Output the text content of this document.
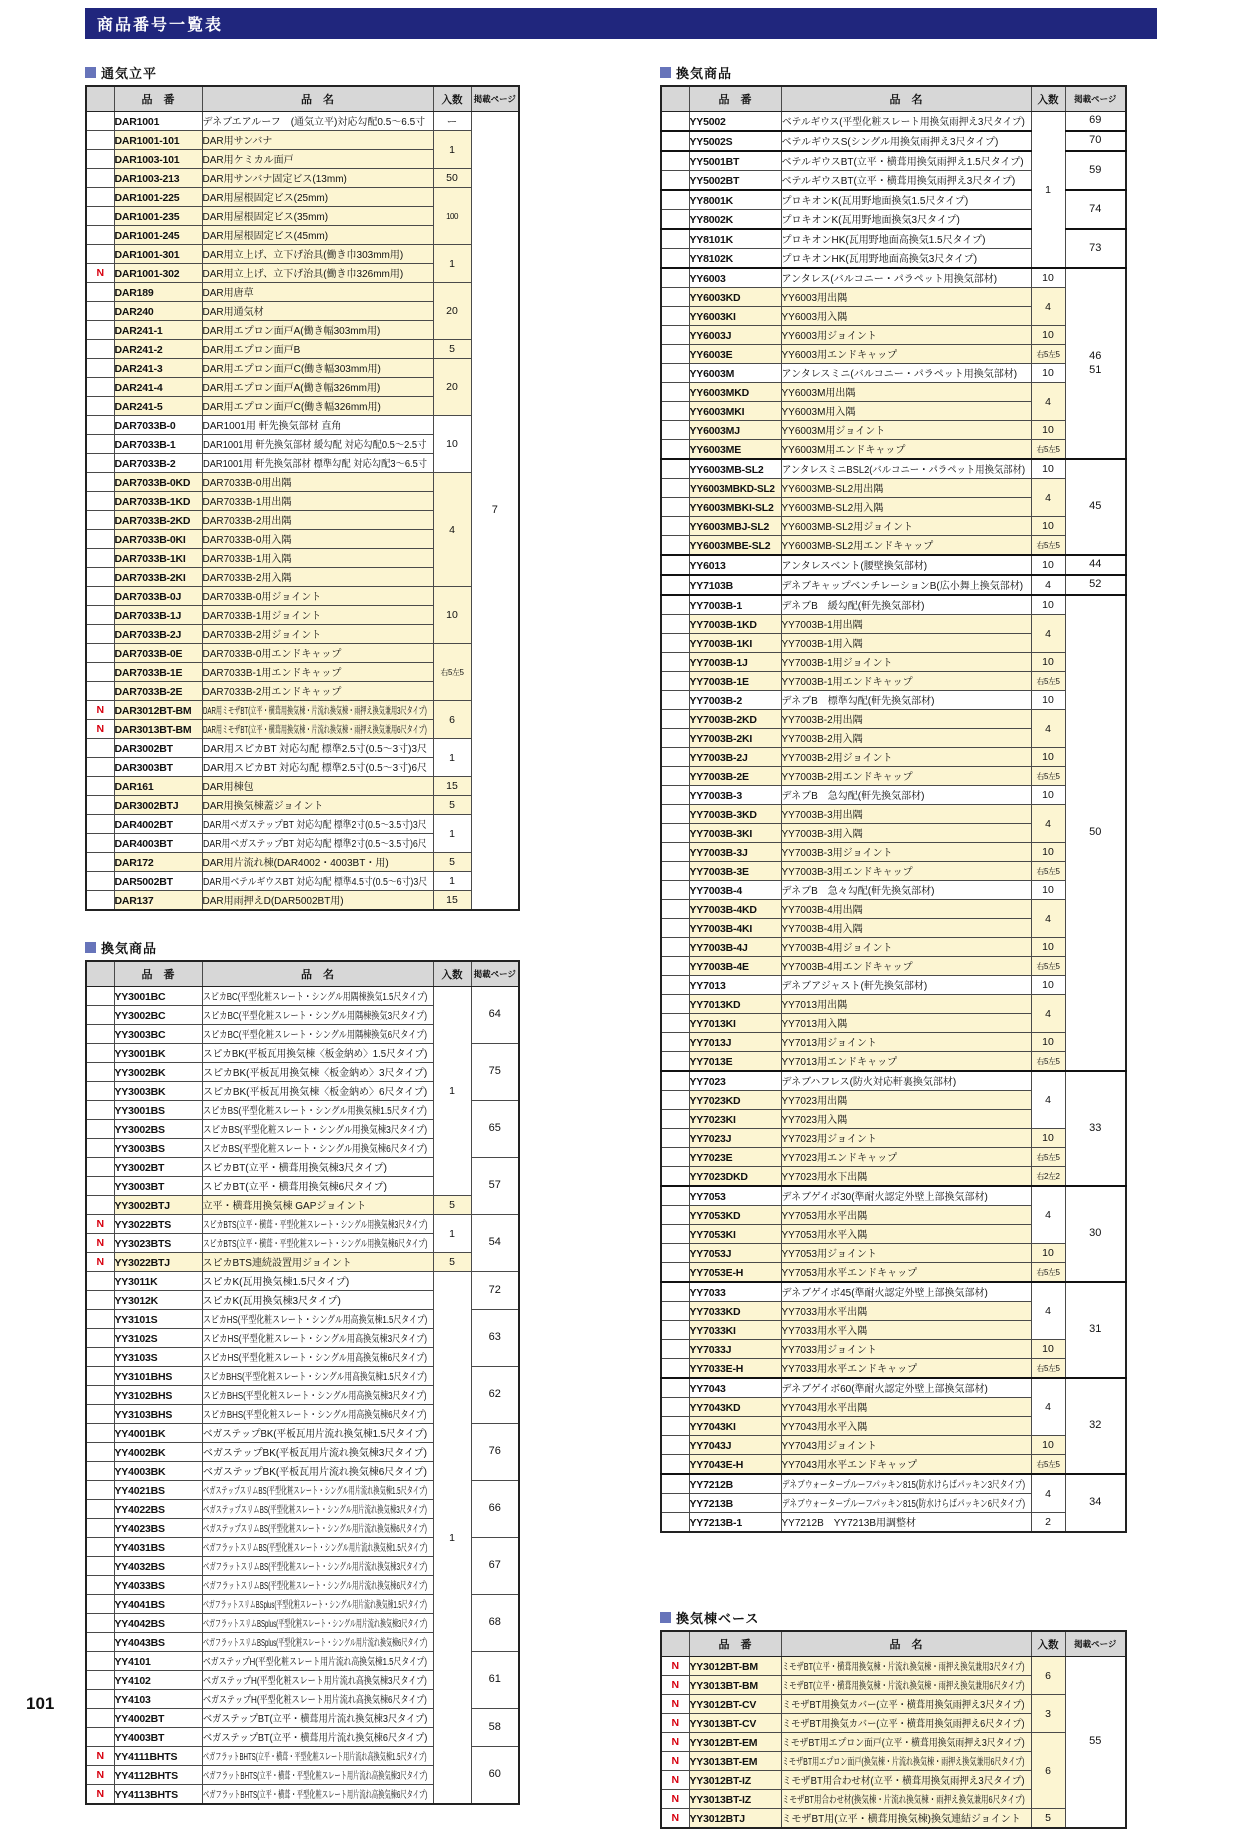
商品番号一覧表
通気立平
	品　番	品　名	入数	掲載ページ
	DAR1001	デネブエアルーフ　(通気立平)対応勾配0.5～6.5寸	ー	7

	DAR1001-101	DAR用サンバナ	1	
	DAR1003-101	DAR用ケミカル面戸		
	DAR1003-213	DAR用サンバナ固定ビス(13mm)	50	
	DAR1001-225	DAR用屋根固定ビス(25mm)	100	
	DAR1001-235	DAR用屋根固定ビス(35mm)		
	DAR1001-245	DAR用屋根固定ビス(45mm)		
	DAR1001-301	DAR用立上げ、立下げ治具(働き巾303mm用)	1	
N	DAR1001-302	DAR用立上げ、立下げ治具(働き巾326mm用)		
	DAR189	DAR用唐草	20	
	DAR240	DAR用通気材		
	DAR241-1	DAR用エプロン面戸A(働き幅303mm用)		
	DAR241-2	DAR用エプロン面戸B	5	
	DAR241-3	DAR用エプロン面戸C(働き幅303mm用)	20	
	DAR241-4	DAR用エプロン面戸A(働き幅326mm用)		
	DAR241-5	DAR用エプロン面戸C(働き幅326mm用)		
	DAR7033B-0	DAR1001用 軒先換気部材 直角	10	
	DAR7033B-1	DAR1001用 軒先換気部材 緩勾配 対応勾配0.5～2.5寸		
	DAR7033B-2	DAR1001用 軒先換気部材 標準勾配 対応勾配3～6.5寸		
	DAR7033B-0KD	DAR7033B-0用出隅	4	
	DAR7033B-1KD	DAR7033B-1用出隅		
	DAR7033B-2KD	DAR7033B-2用出隅		
	DAR7033B-0KI	DAR7033B-0用入隅		
	DAR7033B-1KI	DAR7033B-1用入隅		
	DAR7033B-2KI	DAR7033B-2用入隅		
	DAR7033B-0J	DAR7033B-0用ジョイント	10	
	DAR7033B-1J	DAR7033B-1用ジョイント		
	DAR7033B-2J	DAR7033B-2用ジョイント		
	DAR7033B-0E	DAR7033B-0用エンドキャップ	右5左5	
	DAR7033B-1E	DAR7033B-1用エンドキャップ		
	DAR7033B-2E	DAR7033B-2用エンドキャップ		
N	DAR3012BT-BM	DAR用ミモザBT(立平・横葺用換気棟・片流れ換気棟・雨押え換気兼用3尺タイプ)	6	
N	DAR3013BT-BM	DAR用ミモザBT(立平・横葺用換気棟・片流れ換気棟・雨押え換気兼用6尺タイプ)		
	DAR3002BT	DAR用スピカBT 対応勾配 標準2.5寸(0.5～3寸)3尺	1	
	DAR3003BT	DAR用スピカBT 対応勾配 標準2.5寸(0.5～3寸)6尺		
	DAR161	DAR用棟包	15	
	DAR3002BTJ	DAR用換気棟蓋ジョイント	5	
	DAR4002BT	DAR用ベガステップBT 対応勾配 標準2寸(0.5～3.5寸)3尺	1	
	DAR4003BT	DAR用ベガステップBT 対応勾配 標準2寸(0.5～3.5寸)6尺		
	DAR172	DAR用片流れ棟(DAR4002・4003BT・用)	5	
	DAR5002BT	DAR用ベテルギウスBT 対応勾配 標準4.5寸(0.5～6寸)3尺	1	
	DAR137	DAR用雨押えD(DAR5002BT用)	15	
換気商品
	品　番	品　名	入数	掲載ページ
	YY3001BC	スピカBC(平型化粧スレート・シングル用隅棟換気1.5尺タイプ)	1	64

	YY3002BC	スピカBC(平型化粧スレート・シングル用隅棟換気3尺タイプ)		
	YY3003BC	スピカBC(平型化粧スレート・シングル用隅棟換気6尺タイプ)		
	YY3001BK	スピカBK(平板瓦用換気棟〈板金納め〉1.5尺タイプ)		75

	YY3002BK	スピカBK(平板瓦用換気棟〈板金納め〉3尺タイプ)		
	YY3003BK	スピカBK(平板瓦用換気棟〈板金納め〉6尺タイプ)		
	YY3001BS	スピカBS(平型化粧スレート・シングル用換気棟1.5尺タイプ)		65

	YY3002BS	スピカBS(平型化粧スレート・シングル用換気棟3尺タイプ)		
	YY3003BS	スピカBS(平型化粧スレート・シングル用換気棟6尺タイプ)		
	YY3002BT	スピカBT(立平・横葺用換気棟3尺タイプ)		57

	YY3003BT	スピカBT(立平・横葺用換気棟6尺タイプ)		
	YY3002BTJ	立平・横葺用換気棟 GAPジョイント	5	
N	YY3022BTS	スピカBTS(立平・横葺・平型化粧スレート・シングル用換気棟3尺タイプ)	1	54

N	YY3023BTS	スピカBTS(立平・横葺・平型化粧スレート・シングル用換気棟6尺タイプ)		
N	YY3022BTJ	スピカBTS連続設置用ジョイント	5	
	YY3011K	スピカK(瓦用換気棟1.5尺タイプ)	1	72

	YY3012K	スピカK(瓦用換気棟3尺タイプ)		
	YY3101S	スピカHS(平型化粧スレート・シングル用高換気棟1.5尺タイプ)		63

	YY3102S	スピカHS(平型化粧スレート・シングル用高換気棟3尺タイプ)		
	YY3103S	スピカHS(平型化粧スレート・シングル用高換気棟6尺タイプ)		
	YY3101BHS	スピカBHS(平型化粧スレート・シングル用高換気棟1.5尺タイプ)		62

	YY3102BHS	スピカBHS(平型化粧スレート・シングル用高換気棟3尺タイプ)		
	YY3103BHS	スピカBHS(平型化粧スレート・シングル用高換気棟6尺タイプ)		
	YY4001BK	ベガステップBK(平板瓦用片流れ換気棟1.5尺タイプ)		76

	YY4002BK	ベガステップBK(平板瓦用片流れ換気棟3尺タイプ)		
	YY4003BK	ベガステップBK(平板瓦用片流れ換気棟6尺タイプ)		
	YY4021BS	ベガステップスリムBS(平型化粧スレート・シングル用片流れ換気棟1.5尺タイプ)		66

	YY4022BS	ベガステップスリムBS(平型化粧スレート・シングル用片流れ換気棟3尺タイプ)		
	YY4023BS	ベガステップスリムBS(平型化粧スレート・シングル用片流れ換気棟6尺タイプ)		
	YY4031BS	ベガフラットスリムBS(平型化粧スレート・シングル用片流れ換気棟1.5尺タイプ)		67

	YY4032BS	ベガフラットスリムBS(平型化粧スレート・シングル用片流れ換気棟3尺タイプ)		
	YY4033BS	ベガフラットスリムBS(平型化粧スレート・シングル用片流れ換気棟6尺タイプ)		
	YY4041BS	ベガフラットスリムBSplus(平型化粧スレート・シングル用片流れ換気棟1.5尺タイプ)		68

	YY4042BS	ベガフラットスリムBSplus(平型化粧スレート・シングル用片流れ換気棟3尺タイプ)		
	YY4043BS	ベガフラットスリムBSplus(平型化粧スレート・シングル用片流れ換気棟6尺タイプ)		
	YY4101	ベガステップH(平型化粧スレート用片流れ高換気棟1.5尺タイプ)		61

	YY4102	ベガステップH(平型化粧スレート用片流れ高換気棟3尺タイプ)		
	YY4103	ベガステップH(平型化粧スレート用片流れ高換気棟6尺タイプ)		
	YY4002BT	ベガステップBT(立平・横葺用片流れ換気棟3尺タイプ)		58

	YY4003BT	ベガステップBT(立平・横葺用片流れ換気棟6尺タイプ)		
N	YY4111BHTS	ベガフラットBHTS(立平・横葺・平型化粧スレート用片流れ高換気棟1.5尺タイプ)		60

N	YY4112BHTS	ベガフラットBHTS(立平・横葺・平型化粧スレート用片流れ高換気棟3尺タイプ)		
N	YY4113BHTS	ベガフラットBHTS(立平・横葺・平型化粧スレート用片流れ高換気棟6尺タイプ)		
換気商品
	品　番	品　名	入数	掲載ページ
	YY5002	ベテルギウス(平型化粧スレート用換気雨押え3尺タイプ)	1	69

	YY5002S	ベテルギウスS(シングル用換気雨押え3尺タイプ)		70

	YY5001BT	ベテルギウスBT(立平・横葺用換気雨押え1.5尺タイプ)		59

	YY5002BT	ベテルギウスBT(立平・横葺用換気雨押え3尺タイプ)		
	YY8001K	プロキオンK(瓦用野地面換気1.5尺タイプ)		74

	YY8002K	プロキオンK(瓦用野地面換気3尺タイプ)		
	YY8101K	プロキオンHK(瓦用野地面高換気1.5尺タイプ)		73

	YY8102K	プロキオンHK(瓦用野地面高換気3尺タイプ)		
	YY6003	アンタレス(バルコニー・パラペット用換気部材)	10	46
51

	YY6003KD	YY6003用出隅	4	
	YY6003KI	YY6003用入隅		
	YY6003J	YY6003用ジョイント	10	
	YY6003E	YY6003用エンドキャップ	右5左5	
	YY6003M	アンタレスミニ(バルコニー・パラペット用換気部材)	10	
	YY6003MKD	YY6003M用出隅	4	
	YY6003MKI	YY6003M用入隅		
	YY6003MJ	YY6003M用ジョイント	10	
	YY6003ME	YY6003M用エンドキャップ	右5左5	
	YY6003MB-SL2	アンタレスミニBSL2(バルコニー・パラペット用換気部材)	10	45

	YY6003MBKD-SL2	YY6003MB-SL2用出隅	4	
	YY6003MBKI-SL2	YY6003MB-SL2用入隅		
	YY6003MBJ-SL2	YY6003MB-SL2用ジョイント	10	
	YY6003MBE-SL2	YY6003MB-SL2用エンドキャップ	右5左5	
	YY6013	アンタレスベント(腰壁換気部材)	10	44

	YY7103B	デネブキャップベンチレーションB(広小舞上換気部材)	4	52

	YY7003B-1	デネブB　緩勾配(軒先換気部材)	10	50

	YY7003B-1KD	YY7003B-1用出隅	4	
	YY7003B-1KI	YY7003B-1用入隅		
	YY7003B-1J	YY7003B-1用ジョイント	10	
	YY7003B-1E	YY7003B-1用エンドキャップ	右5左5	
	YY7003B-2	デネブB　標準勾配(軒先換気部材)	10	
	YY7003B-2KD	YY7003B-2用出隅	4	
	YY7003B-2KI	YY7003B-2用入隅		
	YY7003B-2J	YY7003B-2用ジョイント	10	
	YY7003B-2E	YY7003B-2用エンドキャップ	右5左5	
	YY7003B-3	デネブB　急勾配(軒先換気部材)	10	
	YY7003B-3KD	YY7003B-3用出隅	4	
	YY7003B-3KI	YY7003B-3用入隅		
	YY7003B-3J	YY7003B-3用ジョイント	10	
	YY7003B-3E	YY7003B-3用エンドキャップ	右5左5	
	YY7003B-4	デネブB　急々勾配(軒先換気部材)	10	
	YY7003B-4KD	YY7003B-4用出隅	4	
	YY7003B-4KI	YY7003B-4用入隅		
	YY7003B-4J	YY7003B-4用ジョイント	10	
	YY7003B-4E	YY7003B-4用エンドキャップ	右5左5	
	YY7013	デネブアジャスト(軒先換気部材)	10	
	YY7013KD	YY7013用出隅	4	
	YY7013KI	YY7013用入隅		
	YY7013J	YY7013用ジョイント	10	
	YY7013E	YY7013用エンドキャップ	右5左5	
	YY7023	デネブハフレス(防火対応軒裏換気部材)	4	33

	YY7023KD	YY7023用出隅		
	YY7023KI	YY7023用入隅		
	YY7023J	YY7023用ジョイント	10	
	YY7023E	YY7023用エンドキャップ	右5左5	
	YY7023DKD	YY7023用水下出隅	右2左2	
	YY7053	デネブゲイボ30(準耐火認定外壁上部換気部材)	4	30

	YY7053KD	YY7053用水平出隅		
	YY7053KI	YY7053用水平入隅		
	YY7053J	YY7053用ジョイント	10	
	YY7053E-H	YY7053用水平エンドキャップ	右5左5	
	YY7033	デネブゲイボ45(準耐火認定外壁上部換気部材)	4	31

	YY7033KD	YY7033用水平出隅		
	YY7033KI	YY7033用水平入隅		
	YY7033J	YY7033用ジョイント	10	
	YY7033E-H	YY7033用水平エンドキャップ	右5左5	
	YY7043	デネブゲイボ60(準耐火認定外壁上部換気部材)	4	32

	YY7043KD	YY7043用水平出隅		
	YY7043KI	YY7043用水平入隅		
	YY7043J	YY7043用ジョイント	10	
	YY7043E-H	YY7043用水平エンドキャップ	右5左5	
	YY7212B	デネブウォータープルーフパッキン815(防水けらばパッキン3尺タイプ)	4	34

	YY7213B	デネブウォータープルーフパッキン815(防水けらばパッキン6尺タイプ)		
	YY7213B-1	YY7212B　YY7213B用調整材	2	
換気棟ベース
	品　番	品　名	入数	掲載ページ
N	YY3012BT-BM	ミモザBT(立平・横葺用換気棟・片流れ換気棟・雨押え換気兼用3尺タイプ)	6	55

N	YY3013BT-BM	ミモザBT(立平・横葺用換気棟・片流れ換気棟・雨押え換気兼用6尺タイプ)		
N	YY3012BT-CV	ミモザBT用換気カバー(立平・横葺用換気雨押え3尺タイプ)	3	
N	YY3013BT-CV	ミモザBT用換気カバー(立平・横葺用換気雨押え6尺タイプ)		
N	YY3012BT-EM	ミモザBT用エプロン面戸(立平・横葺用換気雨押え3尺タイプ)	6	
N	YY3013BT-EM	ミモザBT用エプロン面戸(換気棟・片流れ換気棟・雨押え換気兼用6尺タイプ)		
N	YY3012BT-IZ	ミモザBT用合わせ材(立平・横葺用換気雨押え3尺タイプ)		
N	YY3013BT-IZ	ミモザBT用合わせ材(換気棟・片流れ換気棟・雨押え換気兼用6尺タイプ)		
N	YY3012BTJ	ミモザBT用(立平・横葺用換気棟)換気連結ジョイント	5	
101
